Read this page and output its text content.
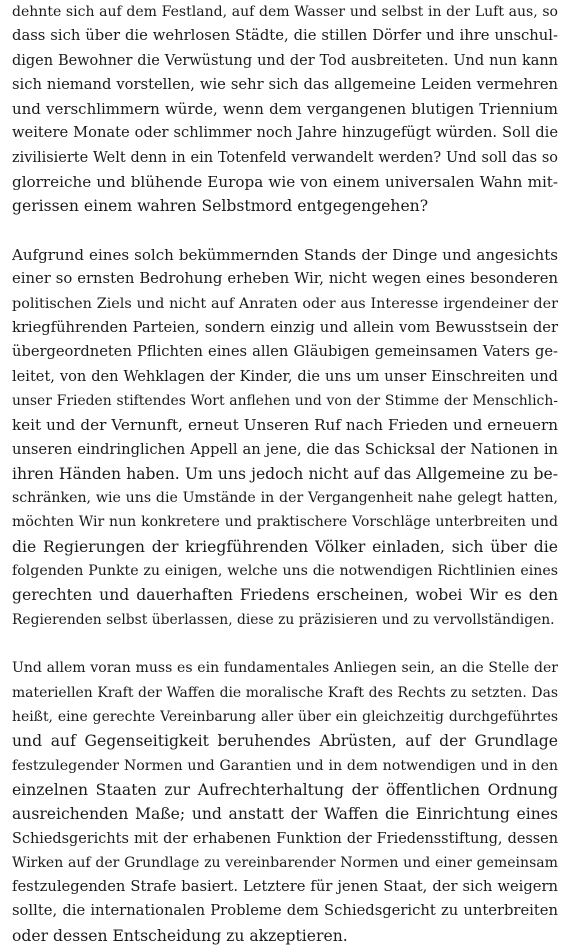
dehnte sich auf dem Festland, auf dem Wasser und selbst in der Luft aus, so
dass sich über die wehrlosen Städte, die stillen Dörfer und ihre unschul-
digen Bewohner die Verwüstung und der Tod ausbreiteten. Und nun kann
sich niemand vorstellen, wie sehr sich das allgemeine Leiden vermehren
und verschlimmern würde, wenn dem vergangenen blutigen Triennium
weitere Monate oder schlimmer noch Jahre hinzugefügt würden. Soll die
zivilisierte Welt denn in ein Totenfeld verwandelt werden? Und soll das so
glorreiche und blühende Europa wie von einem universalen Wahn mit-
gerissen einem wahren Selbstmord entgegengehen?
Aufgrund eines solch bekümmernden Stands der Dinge und angesichts
einer so ernsten Bedrohung erheben Wir, nicht wegen eines besonderen
politischen Ziels und nicht auf Anraten oder aus Interesse irgendeiner der
kriegführenden Parteien, sondern einzig und allein vom Bewusstsein der
übergeordneten Pflichten eines allen Gläubigen gemeinsamen Vaters ge-
leitet, von den Wehklagen der Kinder, die uns um unser Einschreiten und
unser Frieden stiftendes Wort anflehen und von der Stimme der Menschlich-
keit und der Vernunft, erneut Unseren Ruf nach Frieden und erneuern
unseren eindringlichen Appell an jene, die das Schicksal der Nationen in
ihren Händen haben. Um uns jedoch nicht auf das Allgemeine zu be-
schränken, wie uns die Umstände in der Vergangenheit nahe gelegt hatten,
möchten Wir nun konkretere und praktischere Vorschläge unterbreiten und
die Regierungen der kriegführenden Völker einladen, sich über die
folgenden Punkte zu einigen, welche uns die notwendigen Richtlinien eines
gerechten und dauerhaften Friedens erscheinen, wobei Wir es den
Regierenden selbst überlassen, diese zu präzisieren und zu vervollständigen.
Und allem voran muss es ein fundamentales Anliegen sein, an die Stelle der
materiellen Kraft der Waffen die moralische Kraft des Rechts zu setzten. Das
heißt, eine gerechte Vereinbarung aller über ein gleichzeitig durchgeführtes
und auf Gegenseitigkeit beruhendes Abrüsten, auf der Grundlage
festzulegender Normen und Garantien und in dem notwendigen und in den
einzelnen Staaten zur Aufrechterhaltung der öffentlichen Ordnung
ausreichenden Maße; und anstatt der Waffen die Einrichtung eines
Schiedsgerichts mit der erhabenen Funktion der Friedensstiftung, dessen
Wirken auf der Grundlage zu vereinbarender Normen und einer gemeinsam
festzulegenden Strafe basiert. Letztere für jenen Staat, der sich weigern
sollte, die internationalen Probleme dem Schiedsgericht zu unterbreiten
oder dessen Entscheidung zu akzeptieren.
